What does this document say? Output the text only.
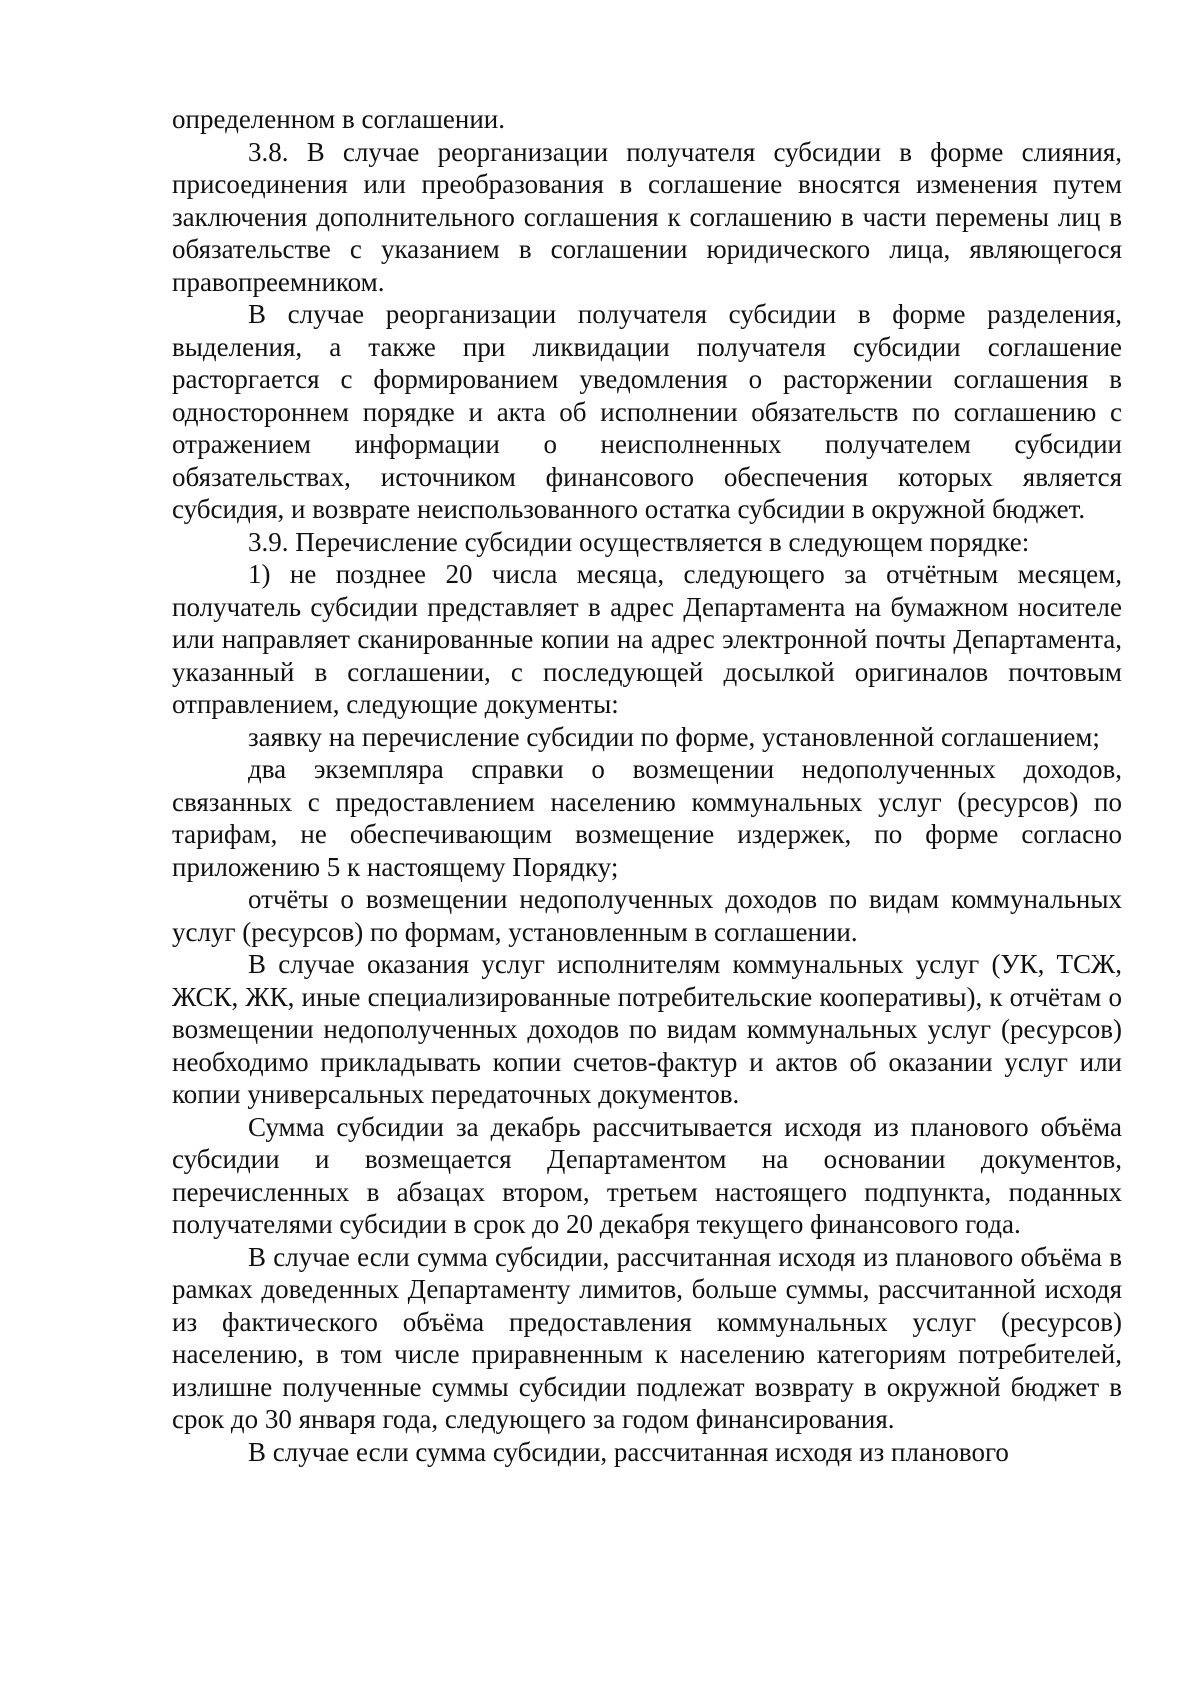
определенном в соглашении.

3.8. В случае реорганизации получателя субсидии в форме слияния, присоединения или преобразования в соглашение вносятся изменения путем заключения дополнительного соглашения к соглашению в части перемены лиц в обязательстве с указанием в соглашении юридического лица, являющегося правопреемником.

В случае реорганизации получателя субсидии в форме разделения, выделения, а также при ликвидации получателя субсидии соглашение расторгается с формированием уведомления о расторжении соглашения в одностороннем порядке и акта об исполнении обязательств по соглашению с отражением информации о неисполненных получателем субсидии обязательствах, источником финансового обеспечения которых является субсидия, и возврате неиспользованного остатка субсидии в окружной бюджет.

3.9. Перечисление субсидии осуществляется в следующем порядке:

1) не позднее 20 числа месяца, следующего за отчётным месяцем, получатель субсидии представляет в адрес Департамента на бумажном носителе или направляет сканированные копии на адрес электронной почты Департамента, указанный в соглашении, с последующей досылкой оригиналов почтовым отправлением, следующие документы:

заявку на перечисление субсидии по форме, установленной соглашением;

два экземпляра справки о возмещении недополученных доходов, связанных с предоставлением населению коммунальных услуг (ресурсов) по тарифам, не обеспечивающим возмещение издержек, по форме согласно приложению 5 к настоящему Порядку;

отчёты о возмещении недополученных доходов по видам коммунальных услуг (ресурсов) по формам, установленным в соглашении.

В случае оказания услуг исполнителям коммунальных услуг (УК, ТСЖ, ЖСК, ЖК, иные специализированные потребительские кооперативы), к отчётам о возмещении недополученных доходов по видам коммунальных услуг (ресурсов) необходимо прикладывать копии счетов-фактур и актов об оказании услуг или копии универсальных передаточных документов.

Сумма субсидии за декабрь рассчитывается исходя из планового объёма субсидии и возмещается Департаментом на основании документов, перечисленных в абзацах втором, третьем настоящего подпункта, поданных получателями субсидии в срок до 20 декабря текущего финансового года.

В случае если сумма субсидии, рассчитанная исходя из планового объёма в рамках доведенных Департаменту лимитов, больше суммы, рассчитанной исходя из фактического объёма предоставления коммунальных услуг (ресурсов) населению, в том числе приравненным к населению категориям потребителей, излишне полученные суммы субсидии подлежат возврату в окружной бюджет в срок до 30 января года, следующего за годом финансирования.

В случае если сумма субсидии, рассчитанная исходя из планового
